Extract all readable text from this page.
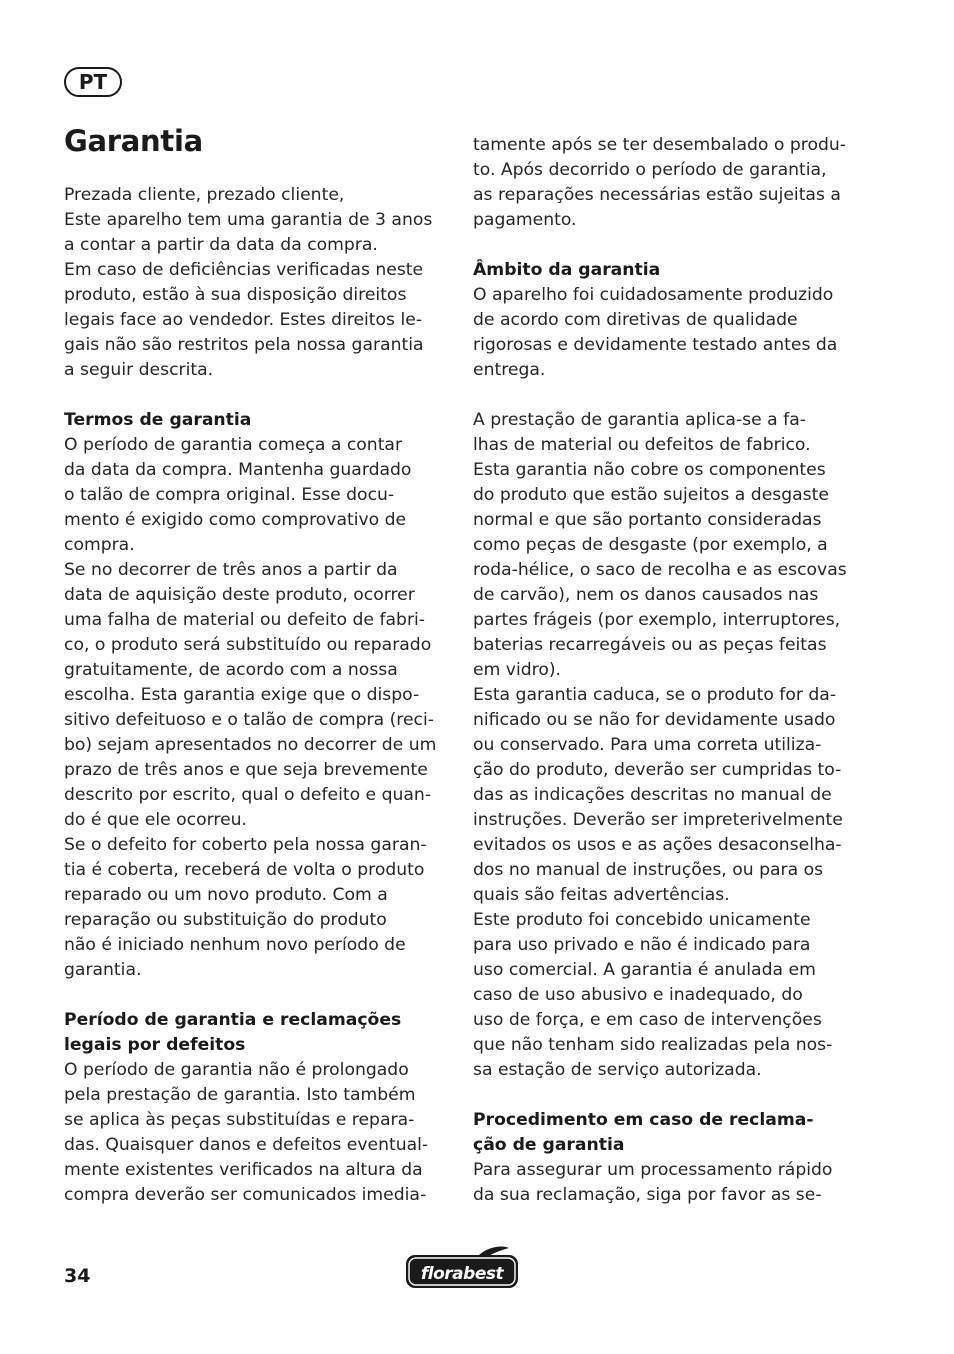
PT
Garantia
Prezada cliente, prezado cliente,
Este aparelho tem uma garantia de 3 anos
a contar a partir da data da compra.
Em caso de deficiências verificadas neste
produto, estão à sua disposição direitos
legais face ao vendedor. Estes direitos le-
gais não são restritos pela nossa garantia
a seguir descrita.
Termos de garantia
O período de garantia começa a contar
da data da compra. Mantenha guardado
o talão de compra original. Esse docu-
mento é exigido como comprovativo de
compra.
Se no decorrer de três anos a partir da
data de aquisição deste produto, ocorrer
uma falha de material ou defeito de fabri-
co, o produto será substituído ou reparado
gratuitamente, de acordo com a nossa
escolha. Esta garantia exige que o dispo-
sitivo defeituoso e o talão de compra (reci-
bo) sejam apresentados no decorrer de um
prazo de três anos e que seja brevemente
descrito por escrito, qual o defeito e quan-
do é que ele ocorreu.
Se o defeito for coberto pela nossa garan-
tia é coberta, receberá de volta o produto
reparado ou um novo produto. Com a
reparação ou substituição do produto
não é iniciado nenhum novo período de
garantia.
Período de garantia e reclamações
legais por defeitos
O período de garantia não é prolongado
pela prestação de garantia. Isto também
se aplica às peças substituídas e repara-
das. Quaisquer danos e defeitos eventual-
mente existentes verificados na altura da
compra deverão ser comunicados imedia-
tamente após se ter desembalado o produ-
to. Após decorrido o período de garantia,
as reparações necessárias estão sujeitas a
pagamento.
Âmbito da garantia
O aparelho foi cuidadosamente produzido
de acordo com diretivas de qualidade
rigorosas e devidamente testado antes da
entrega.
A prestação de garantia aplica-se a fa-
lhas de material ou defeitos de fabrico.
Esta garantia não cobre os componentes
do produto que estão sujeitos a desgaste
normal e que são portanto consideradas
como peças de desgaste (por exemplo, a
roda-hélice, o saco de recolha e as escovas
de carvão), nem os danos causados nas
partes frágeis (por exemplo, interruptores,
baterias recarregáveis ou as peças feitas
em vidro).
Esta garantia caduca, se o produto for da-
nificado ou se não for devidamente usado
ou conservado. Para uma correta utiliza-
ção do produto, deverão ser cumpridas to-
das as indicações descritas no manual de
instruções. Deverão ser impreterivelmente
evitados os usos e as ações desaconselha-
dos no manual de instruções, ou para os
quais são feitas advertências.
Este produto foi concebido unicamente
para uso privado e não é indicado para
uso comercial. A garantia é anulada em
caso de uso abusivo e inadequado, do
uso de força, e em caso de intervenções
que não tenham sido realizadas pela nos-
sa estação de serviço autorizada.
Procedimento em caso de reclama-
ção de garantia
Para assegurar um processamento rápido
da sua reclamação, siga por favor as se-
34	florabest
